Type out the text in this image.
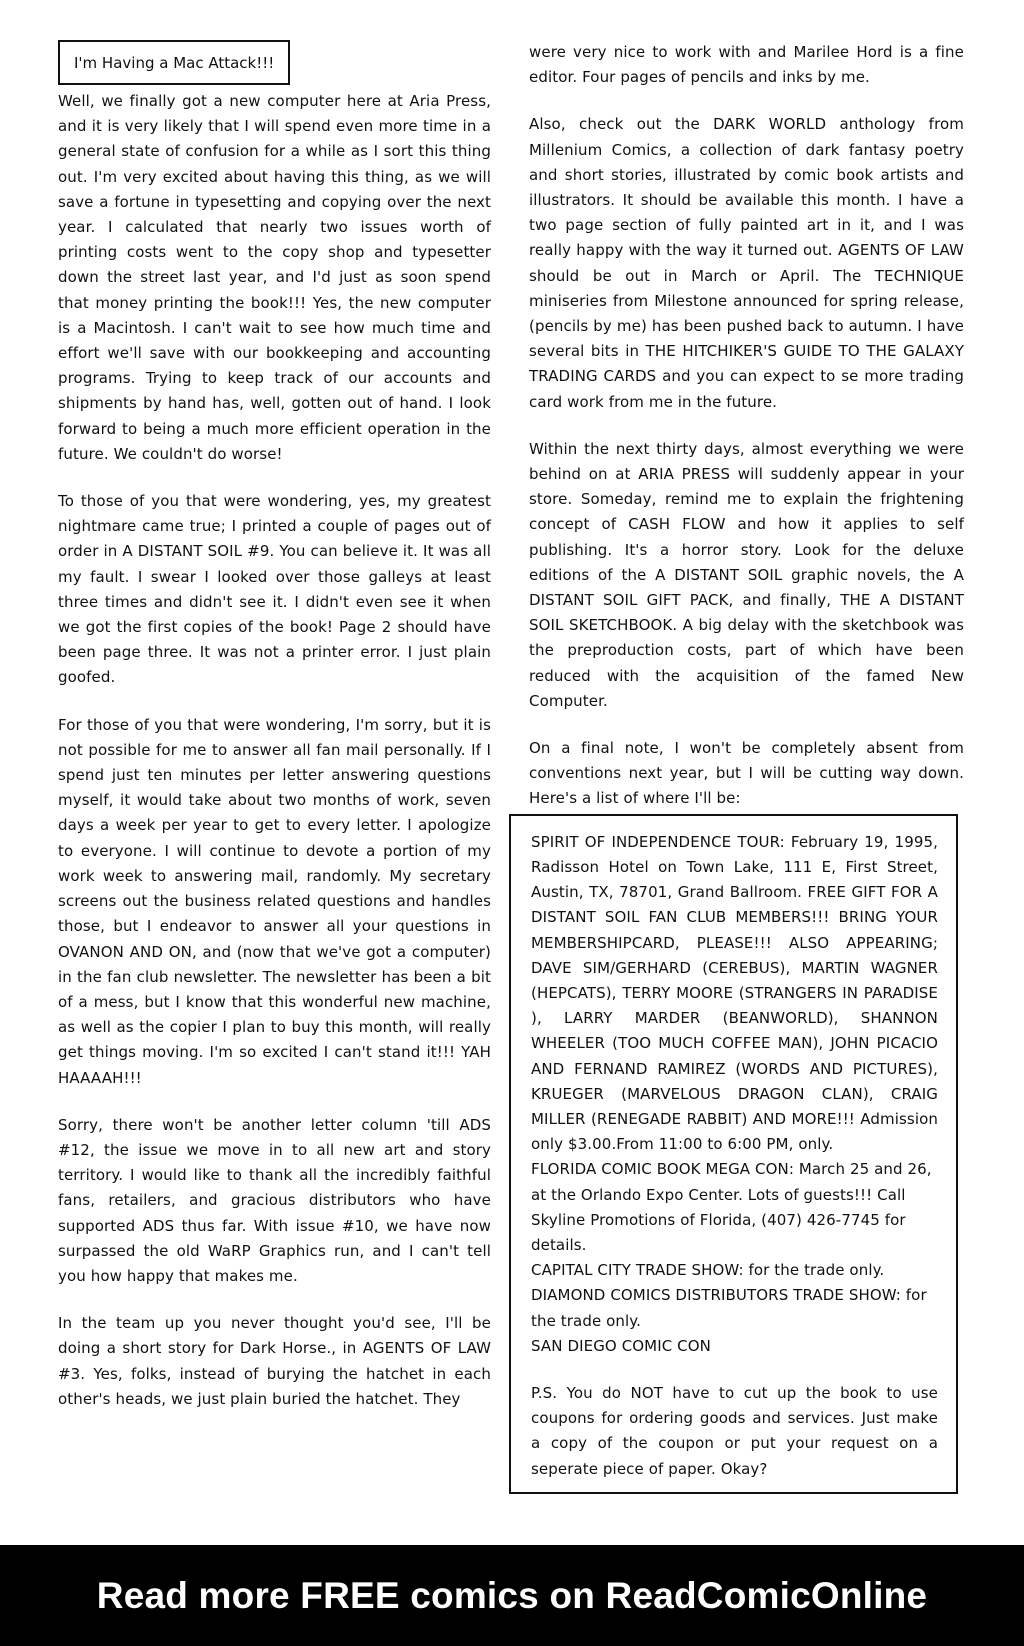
I'm Having a Mac Attack!!!

Well, we finally got a new computer here at Aria Press, and it is very likely that I will spend even more time in a general state of confusion for a while as I sort this thing out. I'm very excited about having this thing, as we will save a fortune in typesetting and copying over the next year. I calculated that nearly two issues worth of printing costs went to the copy shop and typesetter down the street last year, and I'd just as soon spend that money printing the book!!! Yes, the new computer is a Macintosh. I can't wait to see how much time and effort we'll save with our bookkeeping and accounting programs. Trying to keep track of our accounts and shipments by hand has, well, gotten out of hand. I look forward to being a much more efficient operation in the future. We couldn't do worse!

To those of you that were wondering, yes, my greatest nightmare came true; I printed a couple of pages out of order in A DISTANT SOIL #9. You can believe it. It was all my fault. I swear I looked over those galleys at least three times and didn't see it. I didn't even see it when we got the first copies of the book! Page 2 should have been page three. It was not a printer error. I just plain goofed.

For those of you that were wondering, I'm sorry, but it is not possible for me to answer all fan mail personally. If I spend just ten minutes per letter answering questions myself, it would take about two months of work, seven days a week per year to get to every letter. I apologize to everyone. I will continue to devote a portion of my work week to answering mail, randomly. My secretary screens out the business related questions and handles those, but I endeavor to answer all your questions in OVANON AND ON, and (now that we've got a computer) in the fan club newsletter. The newsletter has been a bit of a mess, but I know that this wonderful new machine, as well as the copier I plan to buy this month, will really get things moving. I'm so excited I can't stand it!!! YAH HAAAAH!!!

Sorry, there won't be another letter column 'till ADS #12, the issue we move in to all new art and story territory. I would like to thank all the incredibly faithful fans, retailers, and gracious distributors who have supported ADS thus far. With issue #10, we have now surpassed the old WaRP Graphics run, and I can't tell you how happy that makes me.

In the team up you never thought you'd see, I'll be doing a short story for Dark Horse., in AGENTS OF LAW #3. Yes, folks, instead of burying the hatchet in each other's heads, we just plain buried the hatchet. They

were very nice to work with and Marilee Hord is a fine editor. Four pages of pencils and inks by me.

Also, check out the DARK WORLD anthology from Millenium Comics, a collection of dark fantasy poetry and short stories, illustrated by comic book artists and illustrators. It should be available this month. I have a two page section of fully painted art in it, and I was really happy with the way it turned out. AGENTS OF LAW should be out in March or April. The TECHNIQUE miniseries from Milestone announced for spring release, (pencils by me) has been pushed back to autumn. I have several bits in THE HITCHIKER'S GUIDE TO THE GALAXY TRADING CARDS and you can expect to se more trading card work from me in the future.

Within the next thirty days, almost everything we were behind on at ARIA PRESS will suddenly appear in your store. Someday, remind me to explain the frightening concept of CASH FLOW and how it applies to self publishing. It's a horror story. Look for the deluxe editions of the A DISTANT SOIL graphic novels, the A DISTANT SOIL GIFT PACK, and finally, THE A DISTANT SOIL SKETCHBOOK. A big delay with the sketchbook was the preproduction costs, part of which have been reduced with the acquisition of the famed New Computer.

On a final note, I won't be completely absent from conventions next year, but I will be cutting way down. Here's a list of where I'll be:

SPIRIT OF INDEPENDENCE TOUR: February 19, 1995, Radisson Hotel on Town Lake, 111 E, First Street, Austin, TX, 78701, Grand Ballroom. FREE GIFT FOR A DISTANT SOIL FAN CLUB MEMBERS!!! BRING YOUR MEMBERSHIPCARD, PLEASE!!! ALSO APPEARING; DAVE SIM/GERHARD (CEREBUS), MARTIN WAGNER (HEPCATS), TERRY MOORE (STRANGERS IN PARADISE ), LARRY MARDER (BEANWORLD), SHANNON WHEELER (TOO MUCH COFFEE MAN), JOHN PICACIO AND FERNAND RAMIREZ (WORDS AND PICTURES), KRUEGER (MARVELOUS DRAGON CLAN), CRAIG MILLER (RENEGADE RABBIT) AND MORE!!! Admission only $3.00.From 11:00 to 6:00 PM, only.

FLORIDA COMIC BOOK MEGA CON: March 25 and 26, at the Orlando Expo Center. Lots of guests!!! Call Skyline Promotions of Florida, (407) 426-7745 for details.

CAPITAL CITY TRADE SHOW: for the trade only.

DIAMOND COMICS DISTRIBUTORS TRADE SHOW: for the trade only.

SAN DIEGO COMIC CON

P.S. You do NOT have to cut up the book to use coupons for ordering goods and services. Just make a copy of the coupon or put your request on a seperate piece of paper. Okay?

Read more FREE comics on ReadComicOnline
